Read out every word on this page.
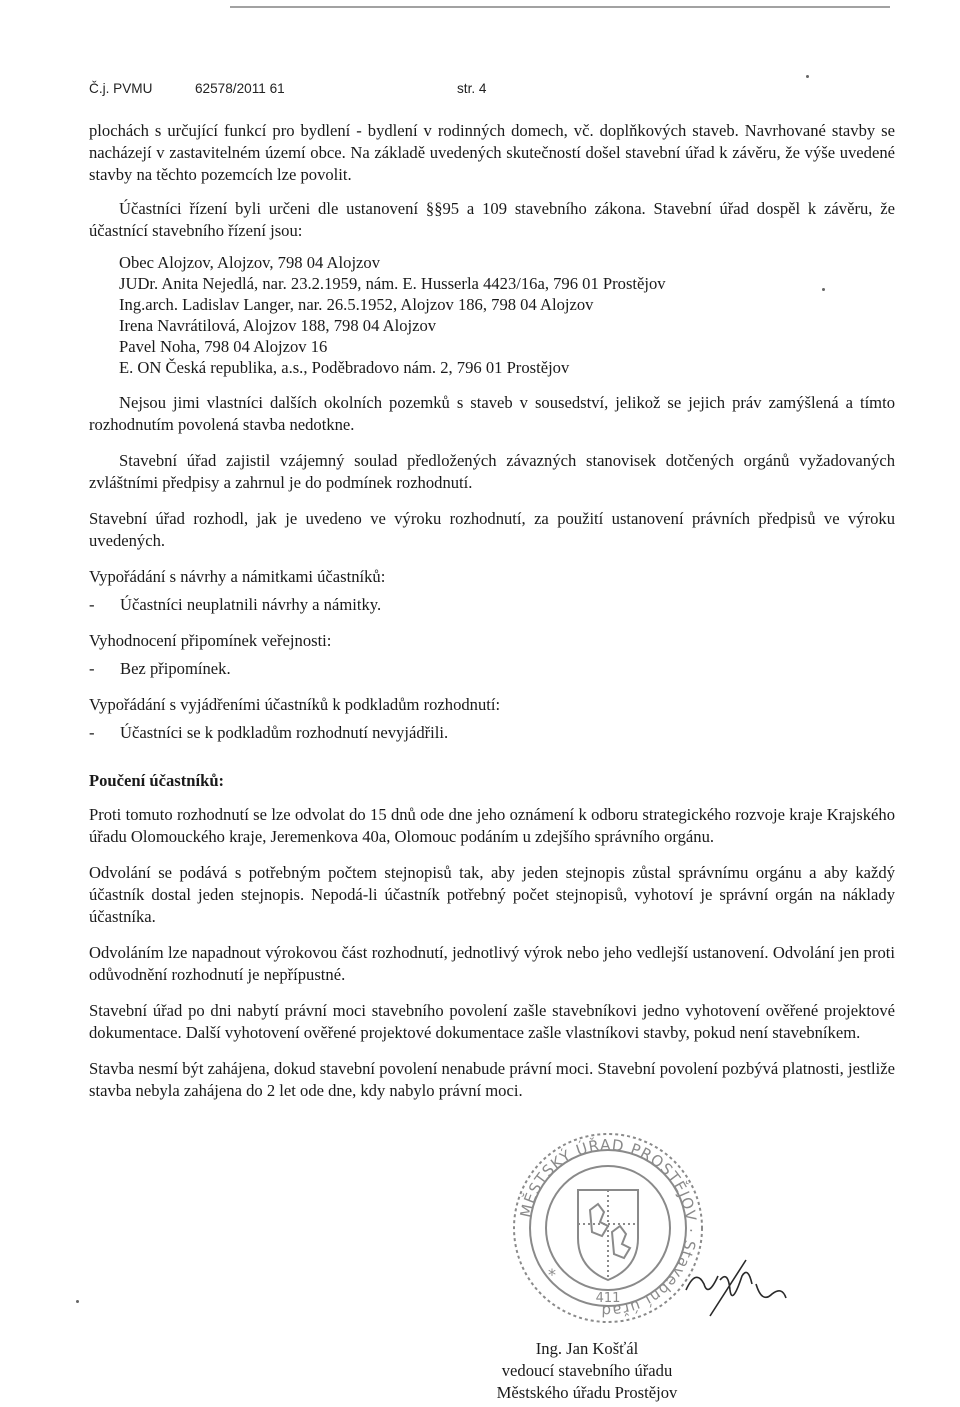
Č.j. PVMU	62578/2011 61	str. 4

plochách s určující funkcí pro bydlení - bydlení v rodinných domech, vč. doplňkových staveb. Navrhované stavby se nacházejí v zastavitelném území obce. Na základě uvedených skutečností došel stavební úřad k závěru, že výše uvedené stavby na těchto pozemcích lze povolit.

Účastníci řízení byli určeni dle ustanovení §§95 a 109 stavebního zákona. Stavební úřad dospěl k závěru, že účastnící stavebního řízení jsou:

Obec Alojzov, Alojzov, 798 04 Alojzov
JUDr. Anita Nejedlá, nar. 23.2.1959, nám. E. Husserla 4423/16a, 796 01 Prostějov
Ing.arch. Ladislav Langer, nar. 26.5.1952, Alojzov 186, 798 04 Alojzov
Irena Navrátilová, Alojzov 188, 798 04 Alojzov
Pavel Noha, 798 04 Alojzov 16
E. ON Česká republika, a.s., Poděbradovo nám. 2, 796 01 Prostějov

Nejsou jimi vlastníci dalších okolních pozemků s staveb v sousedství, jelikož se jejich práv zamýšlená a tímto rozhodnutím povolená stavba nedotkne.

Stavební úřad zajistil vzájemný soulad předložených závazných stanovisek dotčených orgánů vyžadovaných zvláštními předpisy a zahrnul je do podmínek rozhodnutí.

Stavební úřad rozhodl, jak je uvedeno ve výroku rozhodnutí, za použití ustanovení právních předpisů ve výroku uvedených.

Vypořádání s návrhy a námitkami účastníků:

-	Účastníci neuplatnili návrhy a námitky.

Vyhodnocení připomínek veřejnosti:

-	Bez připomínek.

Vypořádání s vyjádřeními účastníků k podkladům rozhodnutí:

-	Účastníci se k podkladům rozhodnutí nevyjádřili.
Poučení účastníků:

Proti tomuto rozhodnutí se lze odvolat do 15 dnů ode dne jeho oznámení k odboru strategického rozvoje kraje Krajského úřadu Olomouckého kraje, Jeremenkova 40a, Olomouc podáním u zdejšího správního orgánu.

Odvolání se podává s potřebným počtem stejnopisů tak, aby jeden stejnopis zůstal správnímu orgánu a aby každý účastník dostal jeden stejnopis. Nepodá-li účastník potřebný počet stejnopisů, vyhotoví je správní orgán na náklady účastníka.

Odvoláním lze napadnout výrokovou část rozhodnutí, jednotlivý výrok nebo jeho vedlejší ustanovení. Odvolání jen proti odůvodnění rozhodnutí je nepřípustné.

Stavební úřad po dni nabytí právní moci stavebního povolení zašle stavebníkovi jedno vyhotovení ověřené projektové dokumentace. Další vyhotovení ověřené projektové dokumentace zašle vlastníkovi stavby, pokud není stavebníkem.

Stavba nesmí být zahájena, dokud stavební povolení nenabude právní moci. Stavební povolení pozbývá platnosti, jestliže stavba nebyla zahájena do 2 let ode dne, kdy nabylo právní moci.

MĚSTSKÝ ÚŘAD PROSTĚJOV · Stavební úřad
411
*
Ing. Jan Košťál
vedoucí stavebního úřadu
Městského úřadu Prostějov
